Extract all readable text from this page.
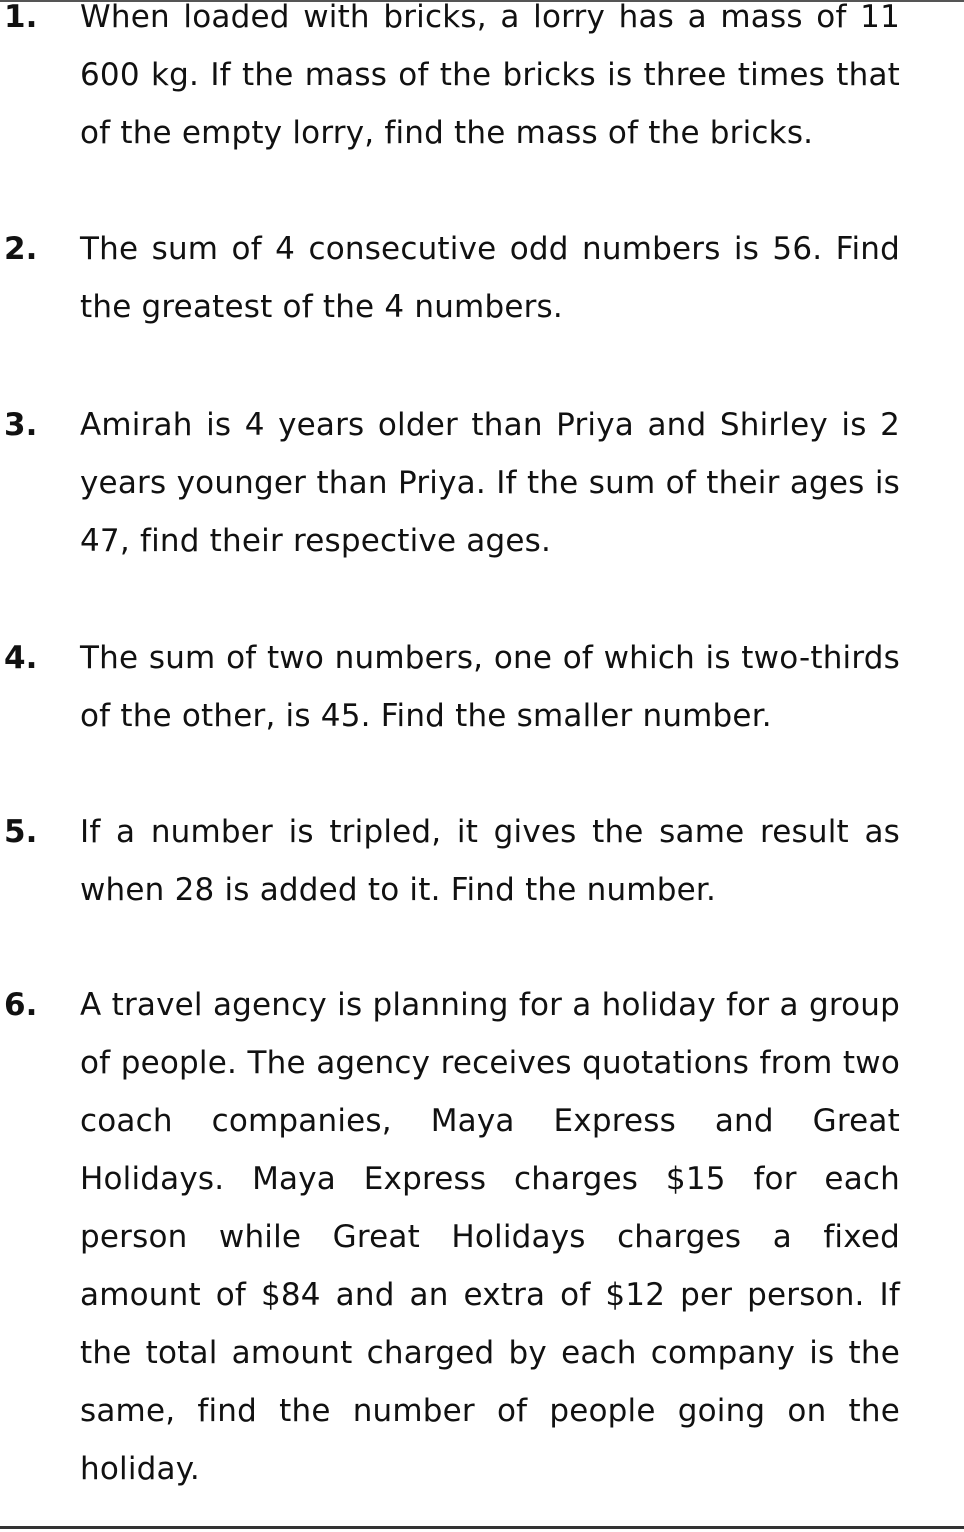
1. When loaded with bricks, a lorry has a mass of 11 600 kg. If the mass of the bricks is three times that of the empty lorry, find the mass of the bricks.
2. The sum of 4 consecutive odd numbers is 56. Find the greatest of the 4 numbers.
3. Amirah is 4 years older than Priya and Shirley is 2 years younger than Priya. If the sum of their ages is 47, find their respective ages.
4. The sum of two numbers, one of which is two-thirds of the other, is 45. Find the smaller number.
5. If a number is tripled, it gives the same result as when 28 is added to it. Find the number.
6. A travel agency is planning for a holiday for a group of people. The agency receives quotations from two coach companies, Maya Express and Great Holidays. Maya Express charges $15 for each person while Great Holidays charges a fixed amount of $84 and an extra of $12 per person. If the total amount charged by each company is the same, find the number of people going on the holiday.
